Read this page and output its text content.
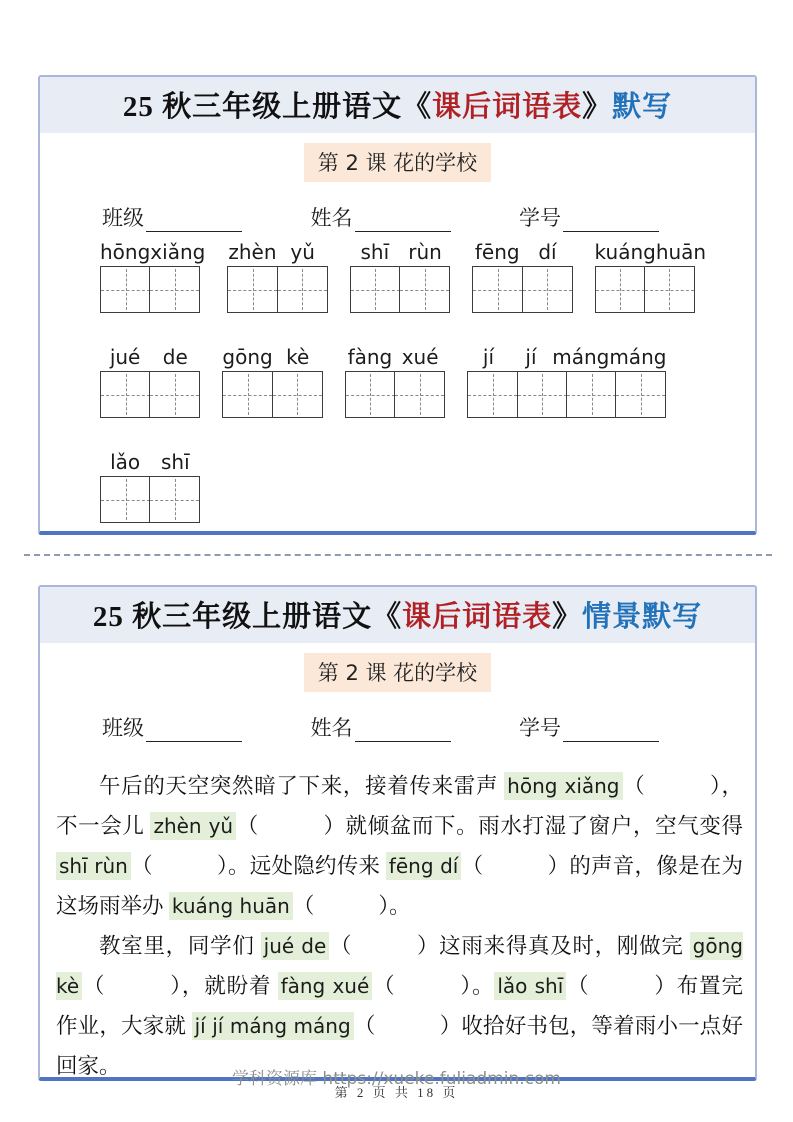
25 秋三年级上册语文《课后词语表》默写
第 2 课 花的学校
班级	姓名	学号
hōng xiǎng zhèn yǔ	shī rùn	fēng dí	kuáng huān
jué	de	gōng kè	fàng xué	jí	jí máng máng
lǎo	shī
25 秋三年级上册语文《课后词语表》情景默写
第 2 课 花的学校
班级	姓名	学号

午后的天空突然暗了下来，接着传来雷声 hōng xiǎng （	），不一会儿 zhèn yǔ （	）就倾盆而下。雨水打湿了窗户，空气变得 shī rùn （	）。远处隐约传来 fēng dí （	）的声音，像是在为这场雨举办 kuáng huān （	）。

教室里，同学们 jué de （	）这雨来得真及时，刚做完 gōng kè （	），就盼着 fàng xué （	）。 lǎo shī （	）布置完作业，大家就 jí jí máng máng （	）收拾好书包，等着雨小一点好回家。

学科资源库 https://xueke.fuliadmin.com
第 2 页 共 18 页
